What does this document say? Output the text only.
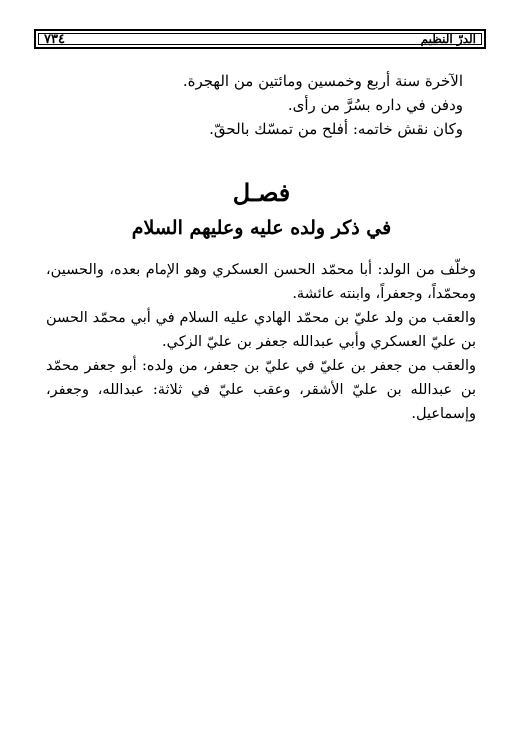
٧٣٤	الدرّ النظيم
الآخرة سنة أربع وخمسين ومائتين من الهجرة.
ودفن في داره بسُرَّ من رأى.
وكان نقش خاتمه: أفلح من تمسّك بالحقّ.
فصـل
في ذكر ولده عليه وعليهم السلام

وخلّف من الولد: أبا محمّد الحسن العسكري وهو الإمام بعده، والحسين، ومحمّداً، وجعفراً، وابنته عائشة.

والعقب من ولد عليّ بن محمّد الهادي عليه السلام في أبي محمّد الحسن بن عليّ العسكري وأبي عبدالله جعفر بن عليّ الزكي.

والعقب من جعفر بن عليّ في عليّ بن جعفر، من ولده: أبو جعفر محمّد بن عبدالله بن عليّ الأشقر، وعقب عليّ في ثلاثة: عبدالله، وجعفر، وإسماعيل.
